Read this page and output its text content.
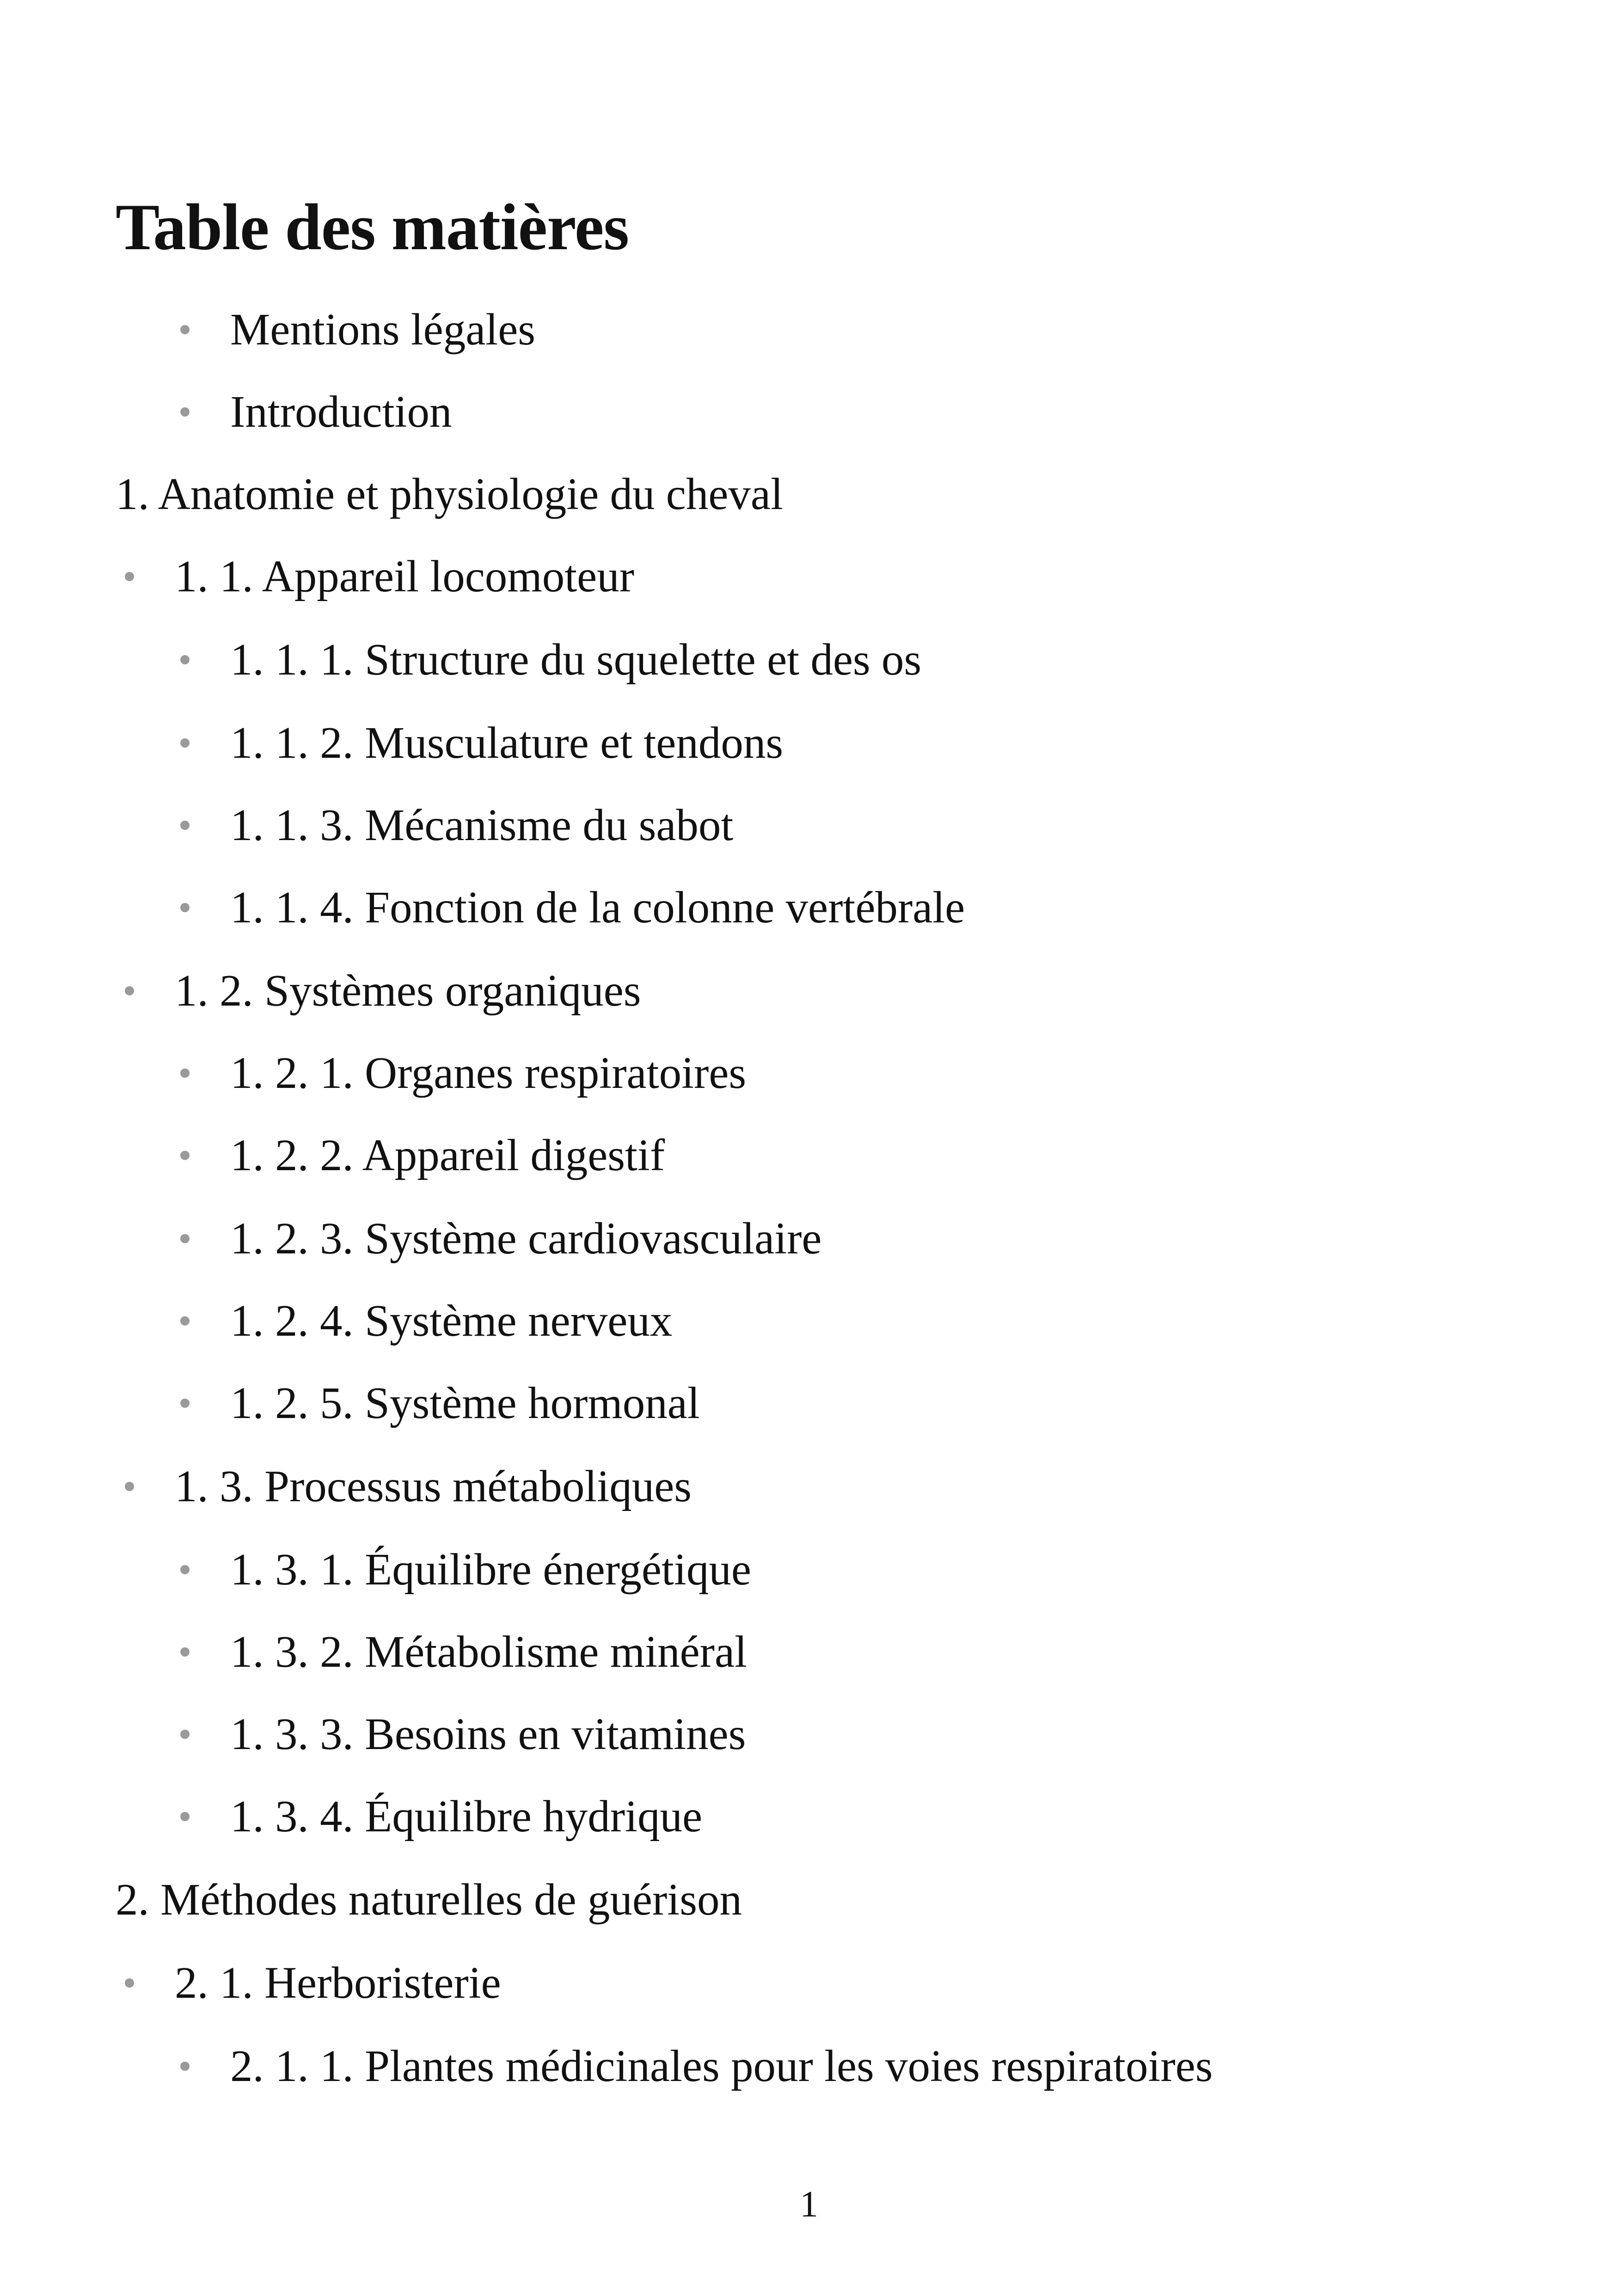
Table des matières
Mentions légales
Introduction
1. Anatomie et physiologie du cheval
1. 1. Appareil locomoteur
1. 1. 1. Structure du squelette et des os
1. 1. 2. Musculature et tendons
1. 1. 3. Mécanisme du sabot
1. 1. 4. Fonction de la colonne vertébrale
1. 2. Systèmes organiques
1. 2. 1. Organes respiratoires
1. 2. 2. Appareil digestif
1. 2. 3. Système cardiovasculaire
1. 2. 4. Système nerveux
1. 2. 5. Système hormonal
1. 3. Processus métaboliques
1. 3. 1. Équilibre énergétique
1. 3. 2. Métabolisme minéral
1. 3. 3. Besoins en vitamines
1. 3. 4. Équilibre hydrique
2. Méthodes naturelles de guérison
2. 1. Herboristerie
2. 1. 1. Plantes médicinales pour les voies respiratoires
1
